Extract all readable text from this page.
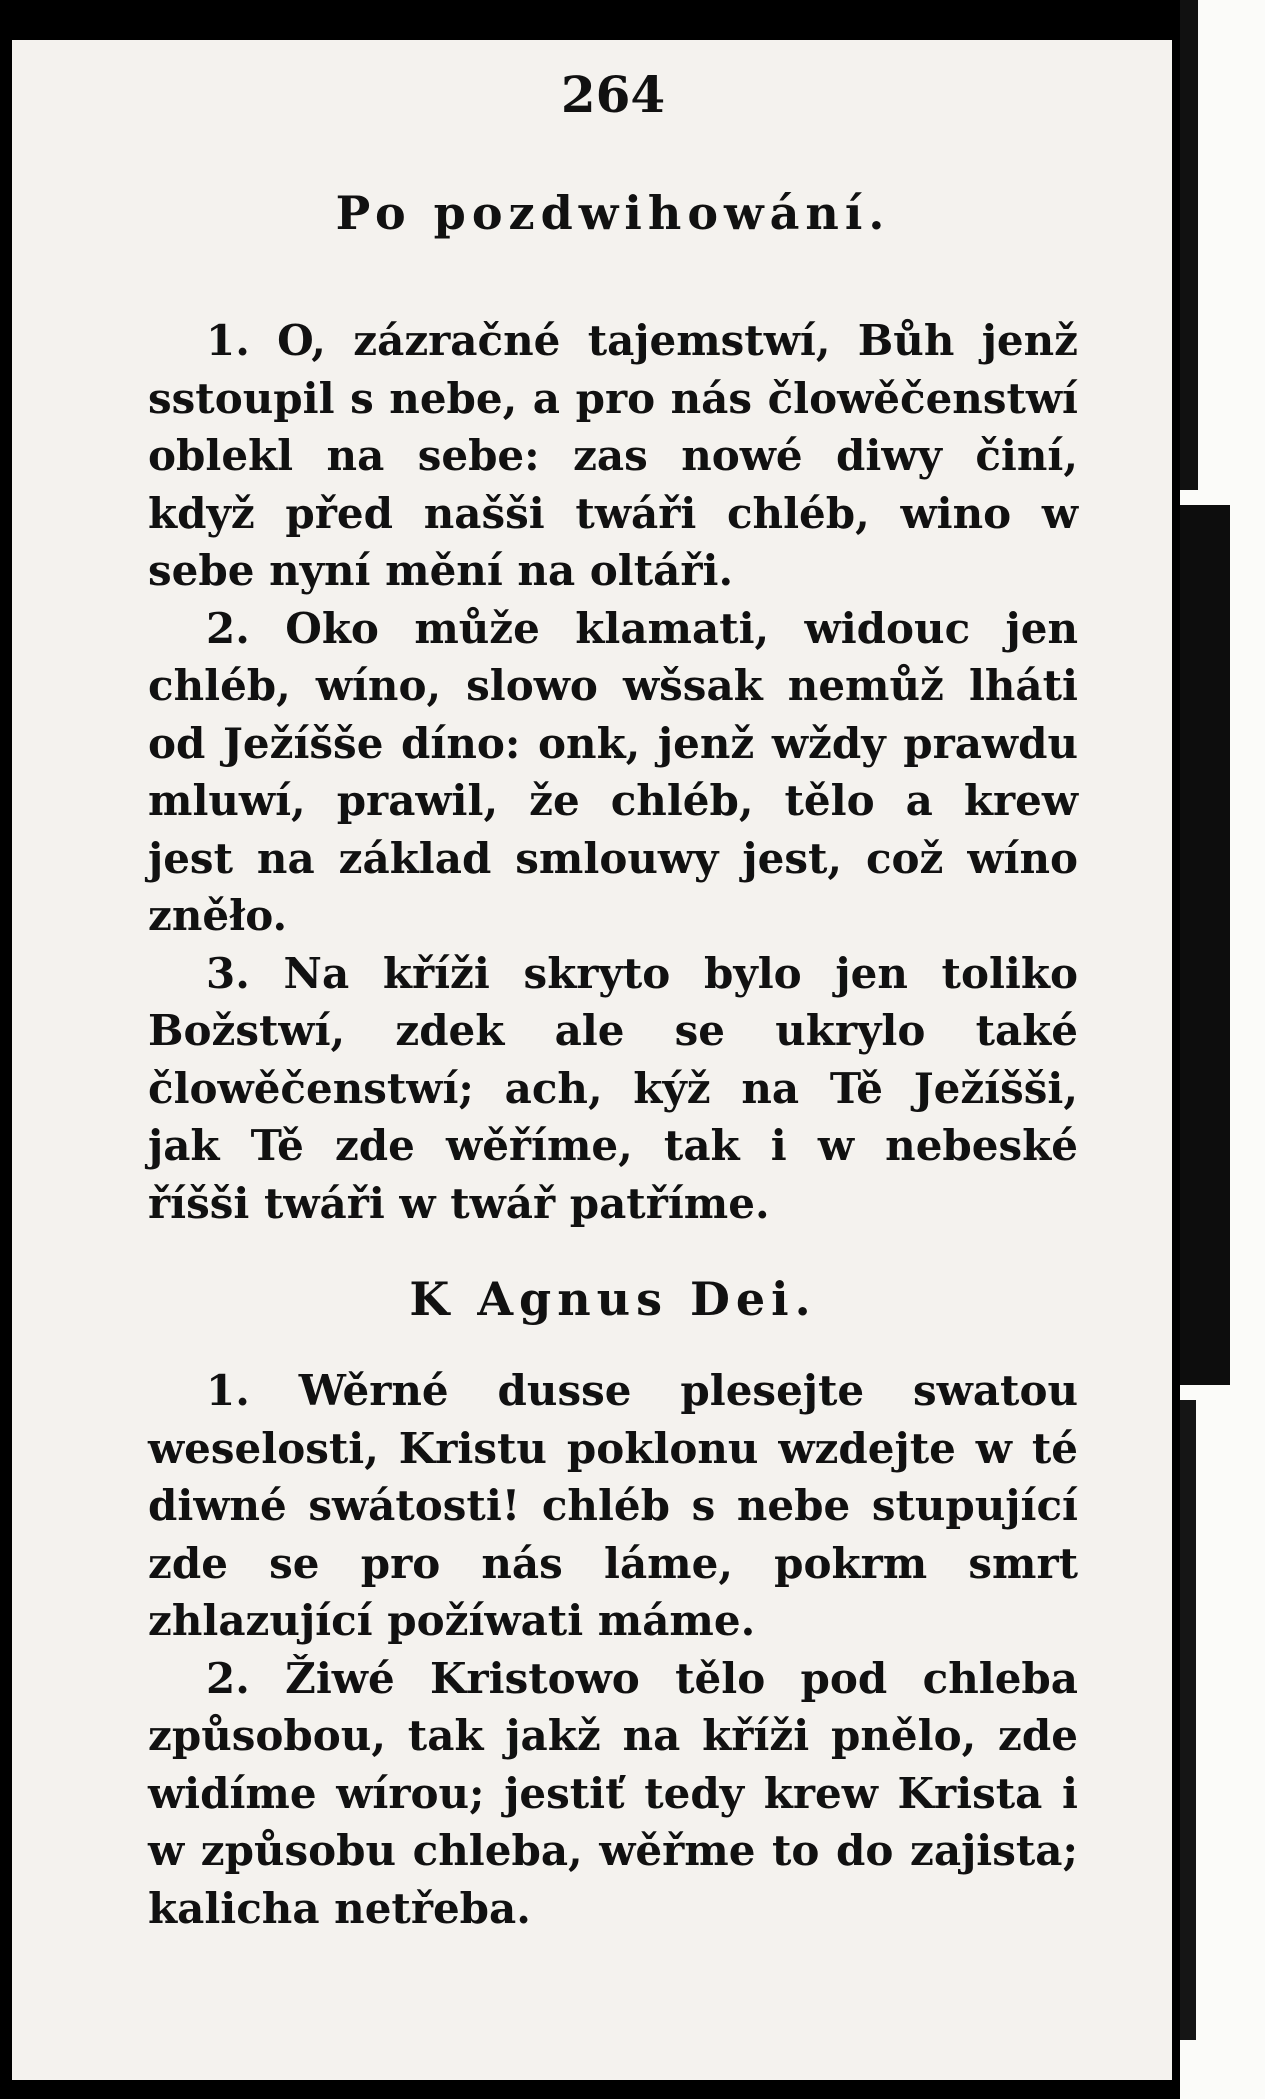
264
Po pozdwihowání.

1. O, zázračné tajemstwí, Bůh jenž sstoupil s nebe, a pro nás člowěčenstwí oblekl na sebe: zas nowé diwy činí, když před našši twáři chléb, wino w sebe nyní mění na oltáři.

2. Oko může klamati, widouc jen chléb, wíno, slowo wšsak nemůž lháti od Ježíšše díno: onk, jenž wždy prawdu mluwí, prawil, že chléb, tělo a krew jest na základ smlouwy jest, což wíno zněło.

3. Na kříži skryto bylo jen toliko Božstwí, zdek ale se ukrylo také člowěčenstwí; ach, kýž na Tě Ježíšši, jak Tě zde wěříme, tak i w nebeské říšši twáři w twář patříme.

K Agnus Dei.

1. Wěrné dusse plesejte swatou weselosti, Kristu poklonu wzdejte w té diwné swátosti! chléb s nebe stupující zde se pro nás láme, pokrm smrt zhlazující požíwati máme.

2. Žiwé Kristowo tělo pod chleba způsobou, tak jakž na kříži pnělo, zde widíme wírou; jestiť tedy krew Krista i w způsobu chleba, wěřme to do zajista; kalicha netřeba.
